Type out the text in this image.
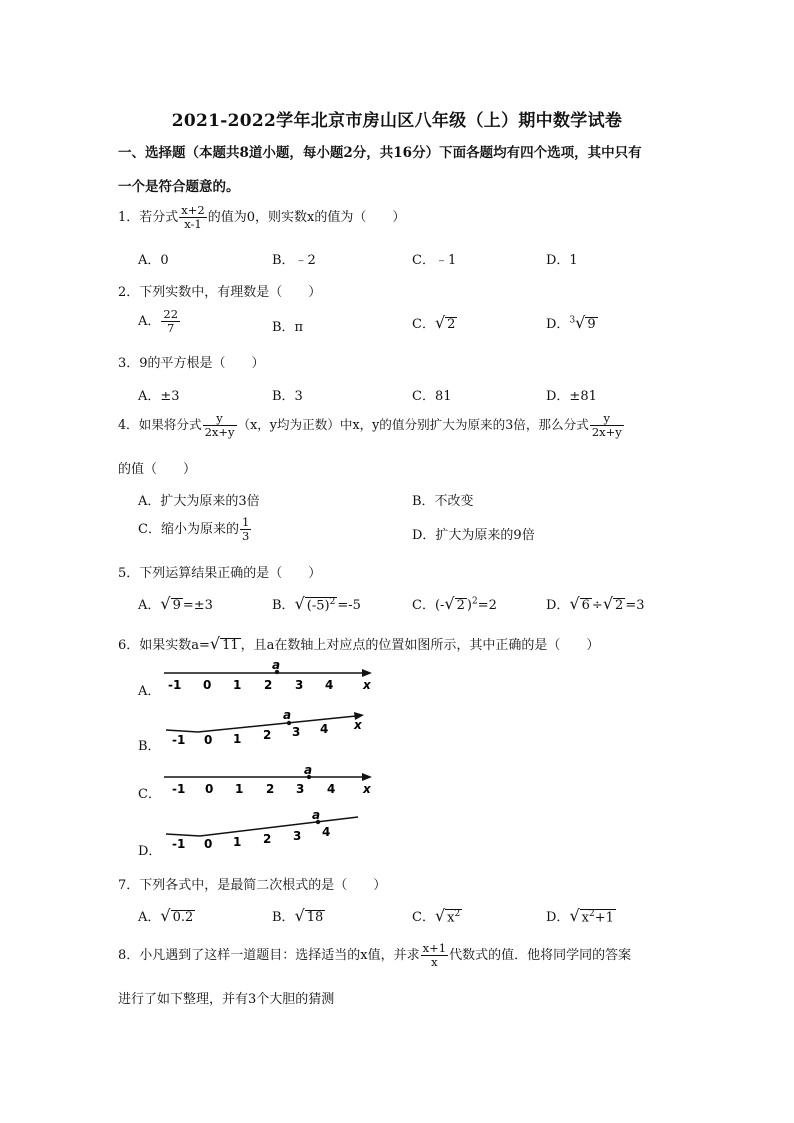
2021-2022学年北京市房山区八年级（上）期中数学试卷
一、选择题（本题共8道小题，每小题2分，共16分）下面各题均有四个选项，其中只有
一个是符合题意的。
1．若分式 $\frac{x+2}{x-1}$ 的值为0，则实数x的值为（　　）
A．0	B．﹣2	C．﹣1	D．1
2．下列实数中，有理数是（　　）
A． $\frac{22}{7}$	B．π	C．√ 2	D．$^3$√ 9
3．9的平方根是（　　）
A．±3	B．3	C．81	D．±81
4．如果将分式 $\frac{y}{2x+y} (x$，y均为正数）中x，y的值分别扩大为原来的3倍，那么分式 $\frac{y}{2x+y}$
的值（　　）
A．扩大为原来的3倍	B．不改变
C．缩小为原来的 $\frac{1}{3}$	D．扩大为原来的9倍
5．下列运算结果正确的是（　　）
A．√ 9 =±3	B．√ $(-5)^2 =-5$	C．(-√ 2 )$^2$=2	D．√ 6 ÷√ 2 =3
6．如果实数a=√ 11 ，且a在数轴上对应点的位置如图所示，其中正确的是（　　）
A．
a
-1 0 1 2 3 4 x
B．
a
-1 0 1 2 3 4 x
C．
a
-1 0 1 2 3 4 x
D．
a
-1 0 1 2 3 4
7．下列各式中，是最简二次根式的是（　　）
A．√ 0.2	B．√ 18	C．√ $x^2$	D．√ $x^2+1$
8．小凡遇到了这样一道题目：选择适当的x值，并求 $\frac{x+1}{x}$ 代数式的值．他将同学同的答案
进行了如下整理，并有3个大胆的猜测
